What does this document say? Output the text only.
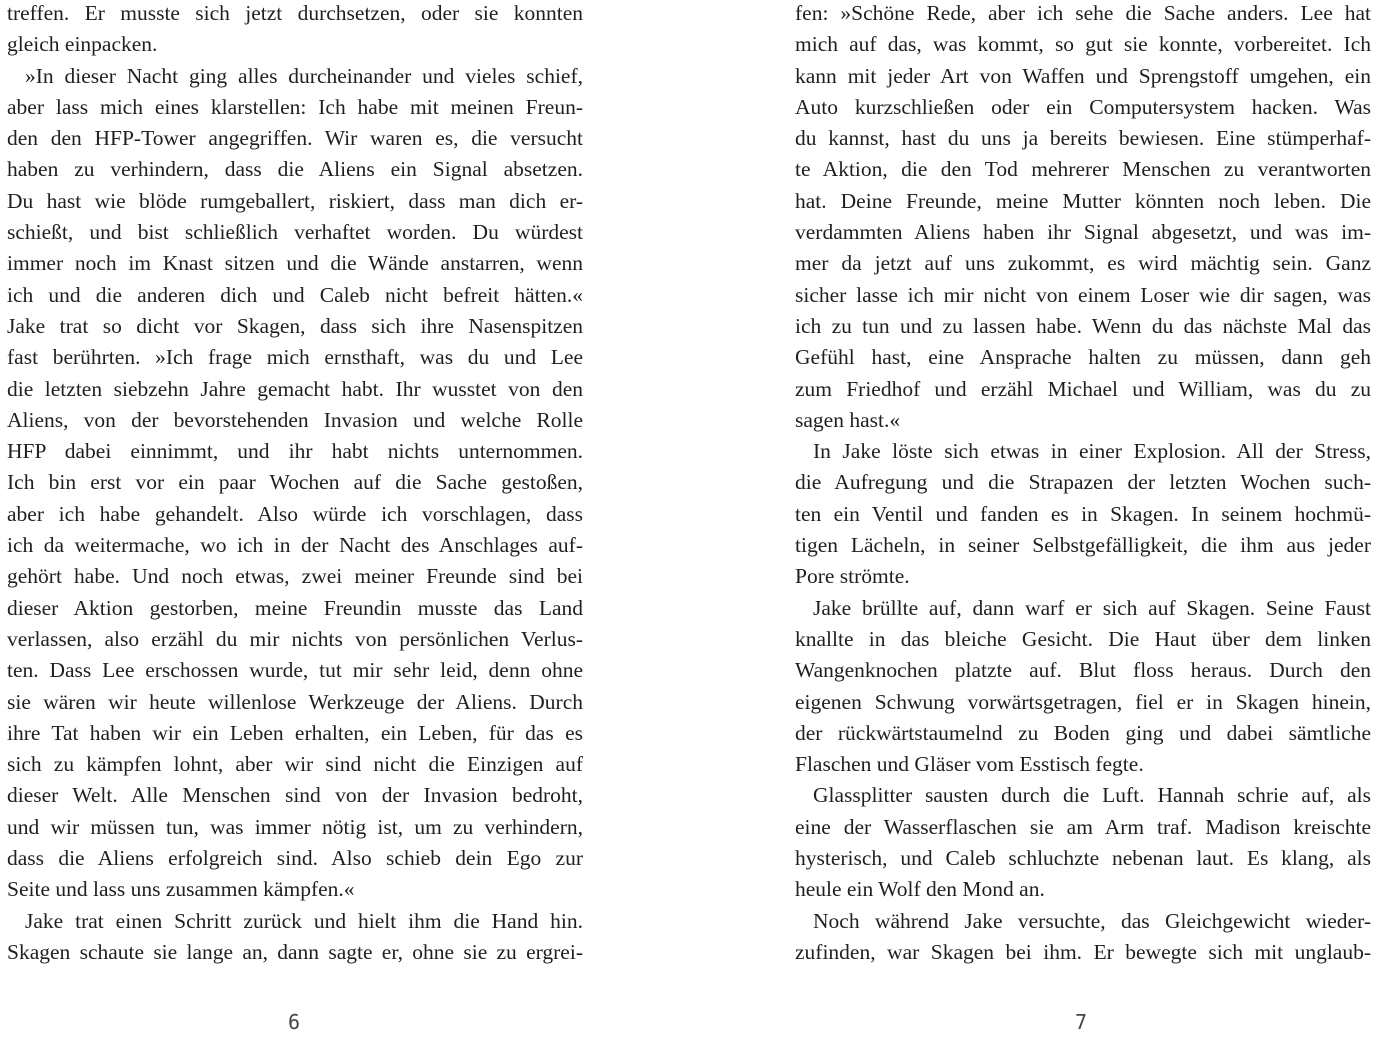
treffen. Er musste sich jetzt durchsetzen, oder sie konnten
gleich einpacken.
»In dieser Nacht ging alles durcheinander und vieles schief,
aber lass mich eines klarstellen: Ich habe mit meinen Freun-
den den HFP-Tower angegriffen. Wir waren es, die versucht
haben zu verhindern, dass die Aliens ein Signal absetzen.
Du hast wie blöde rumgeballert, riskiert, dass man dich er-
schießt, und bist schließlich verhaftet worden. Du würdest
immer noch im Knast sitzen und die Wände anstarren, wenn
ich und die anderen dich und Caleb nicht befreit hätten.«
Jake trat so dicht vor Skagen, dass sich ihre Nasenspitzen
fast berührten. »Ich frage mich ernsthaft, was du und Lee
die letzten siebzehn Jahre gemacht habt. Ihr wusstet von den
Aliens, von der bevorstehenden Invasion und welche Rolle
HFP dabei einnimmt, und ihr habt nichts unternommen.
Ich bin erst vor ein paar Wochen auf die Sache gestoßen,
aber ich habe gehandelt. Also würde ich vorschlagen, dass
ich da weitermache, wo ich in der Nacht des Anschlages auf-
gehört habe. Und noch etwas, zwei meiner Freunde sind bei
dieser Aktion gestorben, meine Freundin musste das Land
verlassen, also erzähl du mir nichts von persönlichen Verlus-
ten. Dass Lee erschossen wurde, tut mir sehr leid, denn ohne
sie wären wir heute willenlose Werkzeuge der Aliens. Durch
ihre Tat haben wir ein Leben erhalten, ein Leben, für das es
sich zu kämpfen lohnt, aber wir sind nicht die Einzigen auf
dieser Welt. Alle Menschen sind von der Invasion bedroht,
und wir müssen tun, was immer nötig ist, um zu verhindern,
dass die Aliens erfolgreich sind. Also schieb dein Ego zur
Seite und lass uns zusammen kämpfen.«
Jake trat einen Schritt zurück und hielt ihm die Hand hin.
Skagen schaute sie lange an, dann sagte er, ohne sie zu ergrei-
6
fen: »Schöne Rede, aber ich sehe die Sache anders. Lee hat
mich auf das, was kommt, so gut sie konnte, vorbereitet. Ich
kann mit jeder Art von Waffen und Sprengstoff umgehen, ein
Auto kurzschließen oder ein Computersystem hacken. Was
du kannst, hast du uns ja bereits bewiesen. Eine stümperhaf-
te Aktion, die den Tod mehrerer Menschen zu verantworten
hat. Deine Freunde, meine Mutter könnten noch leben. Die
verdammten Aliens haben ihr Signal abgesetzt, und was im-
mer da jetzt auf uns zukommt, es wird mächtig sein. Ganz
sicher lasse ich mir nicht von einem Loser wie dir sagen, was
ich zu tun und zu lassen habe. Wenn du das nächste Mal das
Gefühl hast, eine Ansprache halten zu müssen, dann geh
zum Friedhof und erzähl Michael und William, was du zu
sagen hast.«
In Jake löste sich etwas in einer Explosion. All der Stress,
die Aufregung und die Strapazen der letzten Wochen such-
ten ein Ventil und fanden es in Skagen. In seinem hochmü-
tigen Lächeln, in seiner Selbstgefälligkeit, die ihm aus jeder
Pore strömte.
Jake brüllte auf, dann warf er sich auf Skagen. Seine Faust
knallte in das bleiche Gesicht. Die Haut über dem linken
Wangenknochen platzte auf. Blut floss heraus. Durch den
eigenen Schwung vorwärtsgetragen, fiel er in Skagen hinein,
der rückwärtstaumelnd zu Boden ging und dabei sämtliche
Flaschen und Gläser vom Esstisch fegte.
Glassplitter sausten durch die Luft. Hannah schrie auf, als
eine der Wasserflaschen sie am Arm traf. Madison kreischte
hysterisch, und Caleb schluchzte nebenan laut. Es klang, als
heule ein Wolf den Mond an.
Noch während Jake versuchte, das Gleichgewicht wieder-
zufinden, war Skagen bei ihm. Er bewegte sich mit unglaub-
7
